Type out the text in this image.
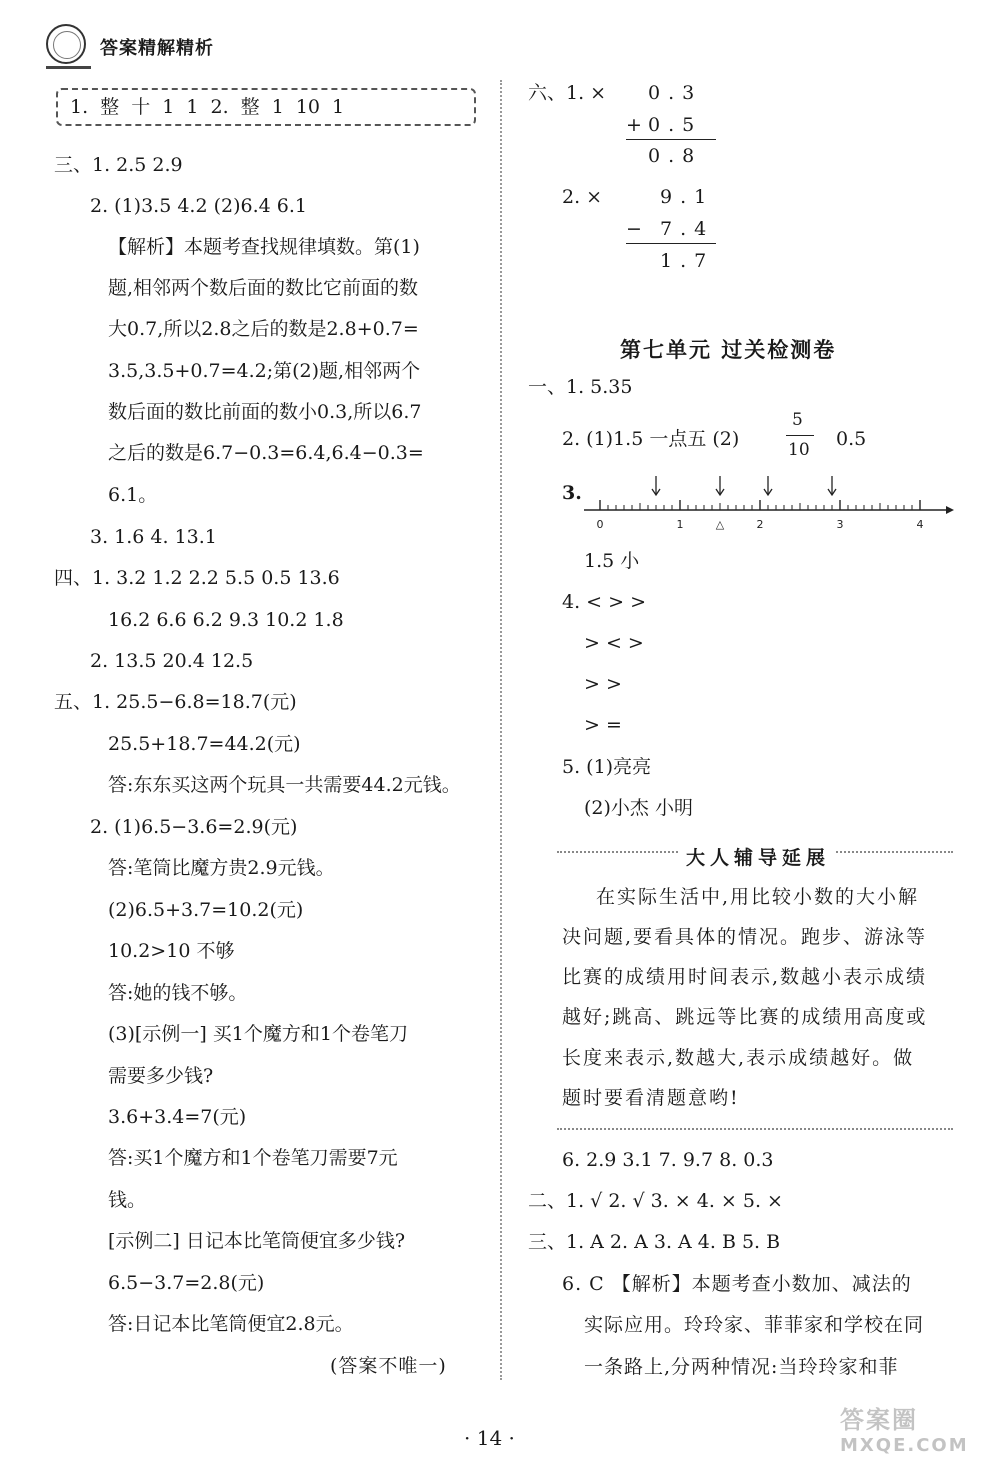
答案精解精析
1. 整 十 1 1 2. 整 1 10 1
三、1. 2.5 2.9
2. (1)3.5 4.2 (2)6.4 6.1
【解析】本题考查找规律填数。第(1)
题,相邻两个数后面的数比它前面的数
大0.7,所以2.8之后的数是2.8+0.7=
3.5,3.5+0.7=4.2;第(2)题,相邻两个
数后面的数比前面的数小0.3,所以6.7
之后的数是6.7−0.3=6.4,6.4−0.3=
6.1。
3. 1.6 4. 13.1
四、1. 3.2 1.2 2.2 5.5 0.5 13.6
16.2 6.6 6.2 9.3 10.2 1.8
2. 13.5 20.4 12.5
五、1. 25.5−6.8=18.7(元)
25.5+18.7=44.2(元)
答:东东买这两个玩具一共需要44.2元钱。
2. (1)6.5−3.6=2.9(元)
答:笔筒比魔方贵2.9元钱。
(2)6.5+3.7=10.2(元)
10.2>10 不够
答:她的钱不够。
(3)[示例一] 买1个魔方和1个卷笔刀
需要多少钱?
3.6+3.4=7(元)
答:买1个魔方和1个卷笔刀需要7元
钱。
[示例二] 日记本比笔筒便宜多少钱?
6.5−3.7=2.8(元)
答:日记本比笔筒便宜2.8元。
(答案不唯一)
六、1. × 0.3
+ 0.5
0.8
2. ×	9.1
− 7.4
1.7
第七单元 过关检测卷
一、1. 5.35
2. (1)1.5 一点五 (2)
5
10 0.5
3.
0	1	△	2	3	4
1.5 小
4. < > >
> < >
> >
> =
5. (1)亮亮
(2)小杰 小明
大人辅导延展
在实际生活中,用比较小数的大小解
决问题,要看具体的情况。跑步、游泳等
比赛的成绩用时间表示,数越小表示成绩
越好;跳高、跳远等比赛的成绩用高度或
长度来表示,数越大,表示成绩越好。做
题时要看清题意哟!
6. 2.9 3.1 7. 9.7 8. 0.3
二、1. √ 2. √ 3. × 4. × 5. ×
三、1. A 2. A 3. A 4. B 5. B
6. C 【解析】本题考查小数加、减法的
实际应用。玲玲家、菲菲家和学校在同
一条路上,分两种情况:当玲玲家和菲
· 14 ·
答案圈
MXQE.COM
